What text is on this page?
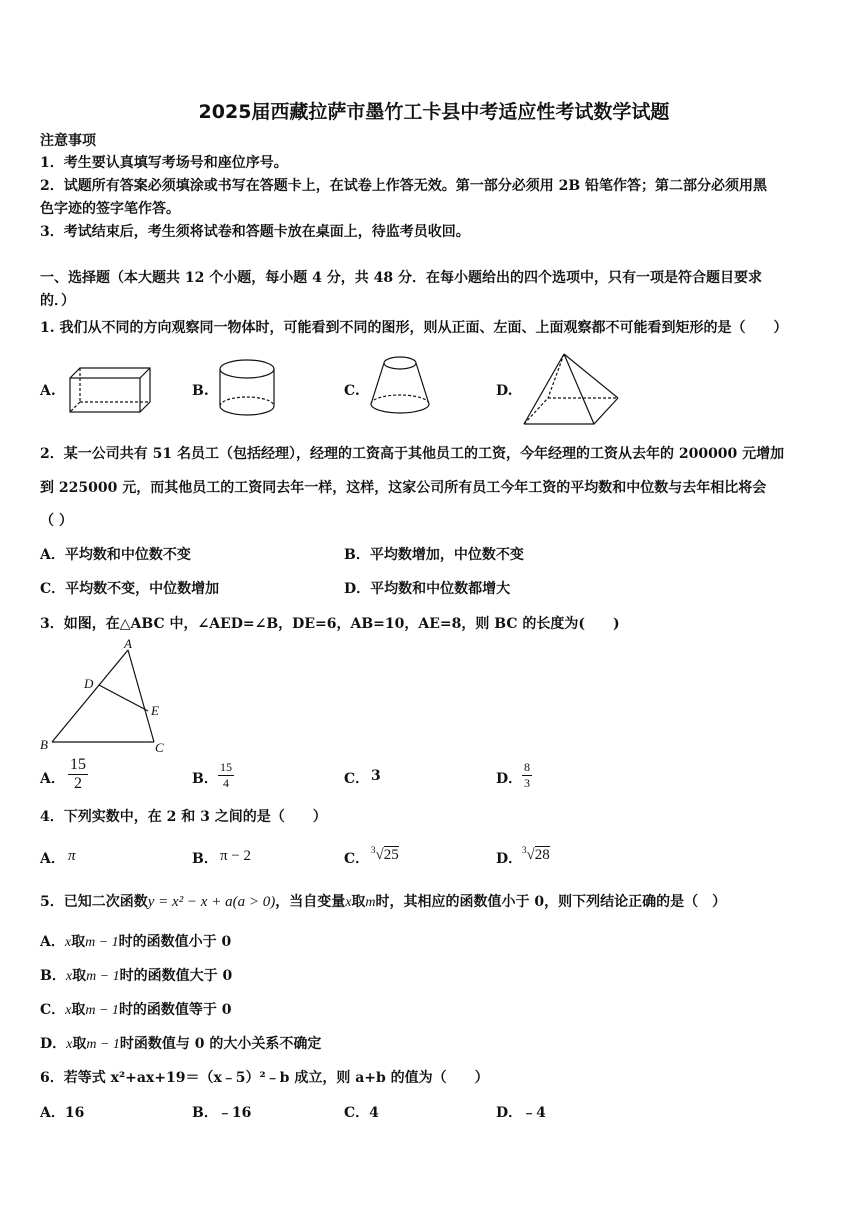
2025届西藏拉萨市墨竹工卡县中考适应性考试数学试题
注意事项
1．考生要认真填写考场号和座位序号。
2．试题所有答案必须填涂或书写在答题卡上，在试卷上作答无效。第一部分必须用 2B 铅笔作答；第二部分必须用黑
色字迹的签字笔作答。
3．考试结束后，考生须将试卷和答题卡放在桌面上，待监考员收回。
一、选择题（本大题共 12 个小题，每小题 4 分，共 48 分．在每小题给出的四个选项中，只有一项是符合题目要求
的．）
1. 我们从不同的方向观察同一物体时，可能看到不同的图形，则从正面、左面、上面观察都不可能看到矩形的是（　　）
A.	B.	C.	D.
2．某一公司共有 51 名员工（包括经理），经理的工资高于其他员工的工资，今年经理的工资从去年的 200000 元增加
到 225000 元，而其他员工的工资同去年一样，这样，这家公司所有员工今年工资的平均数和中位数与去年相比将会
（ ）
A．平均数和中位数不变	B．平均数增加，中位数不变
C．平均数不变，中位数增加	D．平均数和中位数都增大
3．如图，在△ABC 中，∠AED=∠B，DE=6，AB=10，AE=8，则 BC 的长度为(　　)
A
D
E
B	C
A． $\frac{15}{2}$	B． $\frac{15}{4}$	C． 3	D． $\frac{8}{3}$
4．下列实数中，在 2 和 3 之间的是（　　）
A． π	B． π − 2	C．
$^3$√25	D．
$^3$√28
5．已知二次函数y = x² − x + a(a > 0)，当自变量x取m时，其相应的函数值小于 0，则下列结论正确的是（　）
A．x取m − 1时的函数值小于 0
B．x取m − 1时的函数值大于 0
C．x取m − 1时的函数值等于 0
D．x取m − 1时函数值与 0 的大小关系不确定
6．若等式 x²+ax+19＝（x﹣5）²﹣b 成立，则 a+b 的值为（　　）
A．16	B．﹣16	C．4	D．﹣4
